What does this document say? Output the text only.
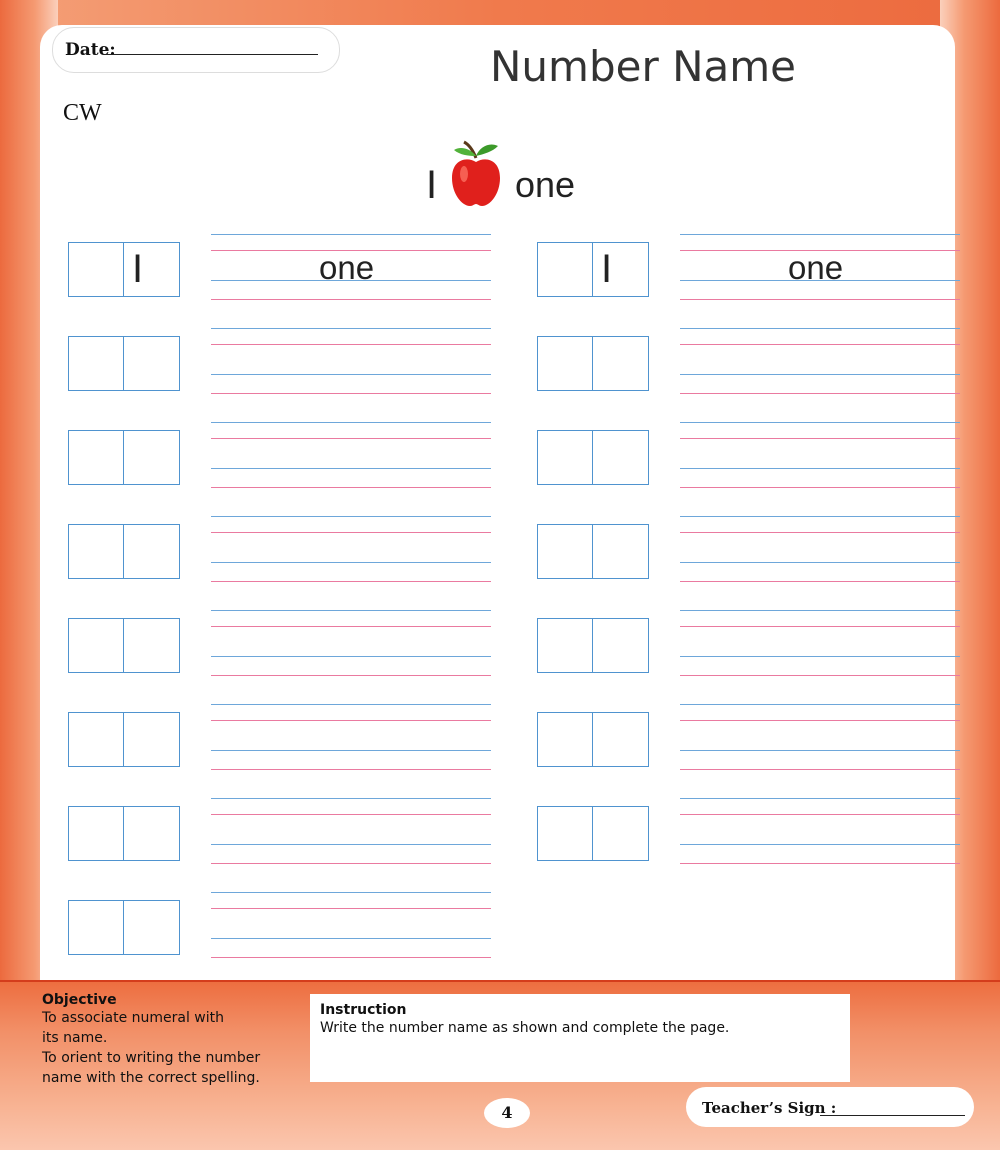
Date:
CW
Number Name
I one
I	one	I	one
Objective
To associate numeral with
its name.
To orient to writing the number
name with the correct spelling.
Instruction
Write the number name as shown and complete the page.
4	Teacher’s Sign :
